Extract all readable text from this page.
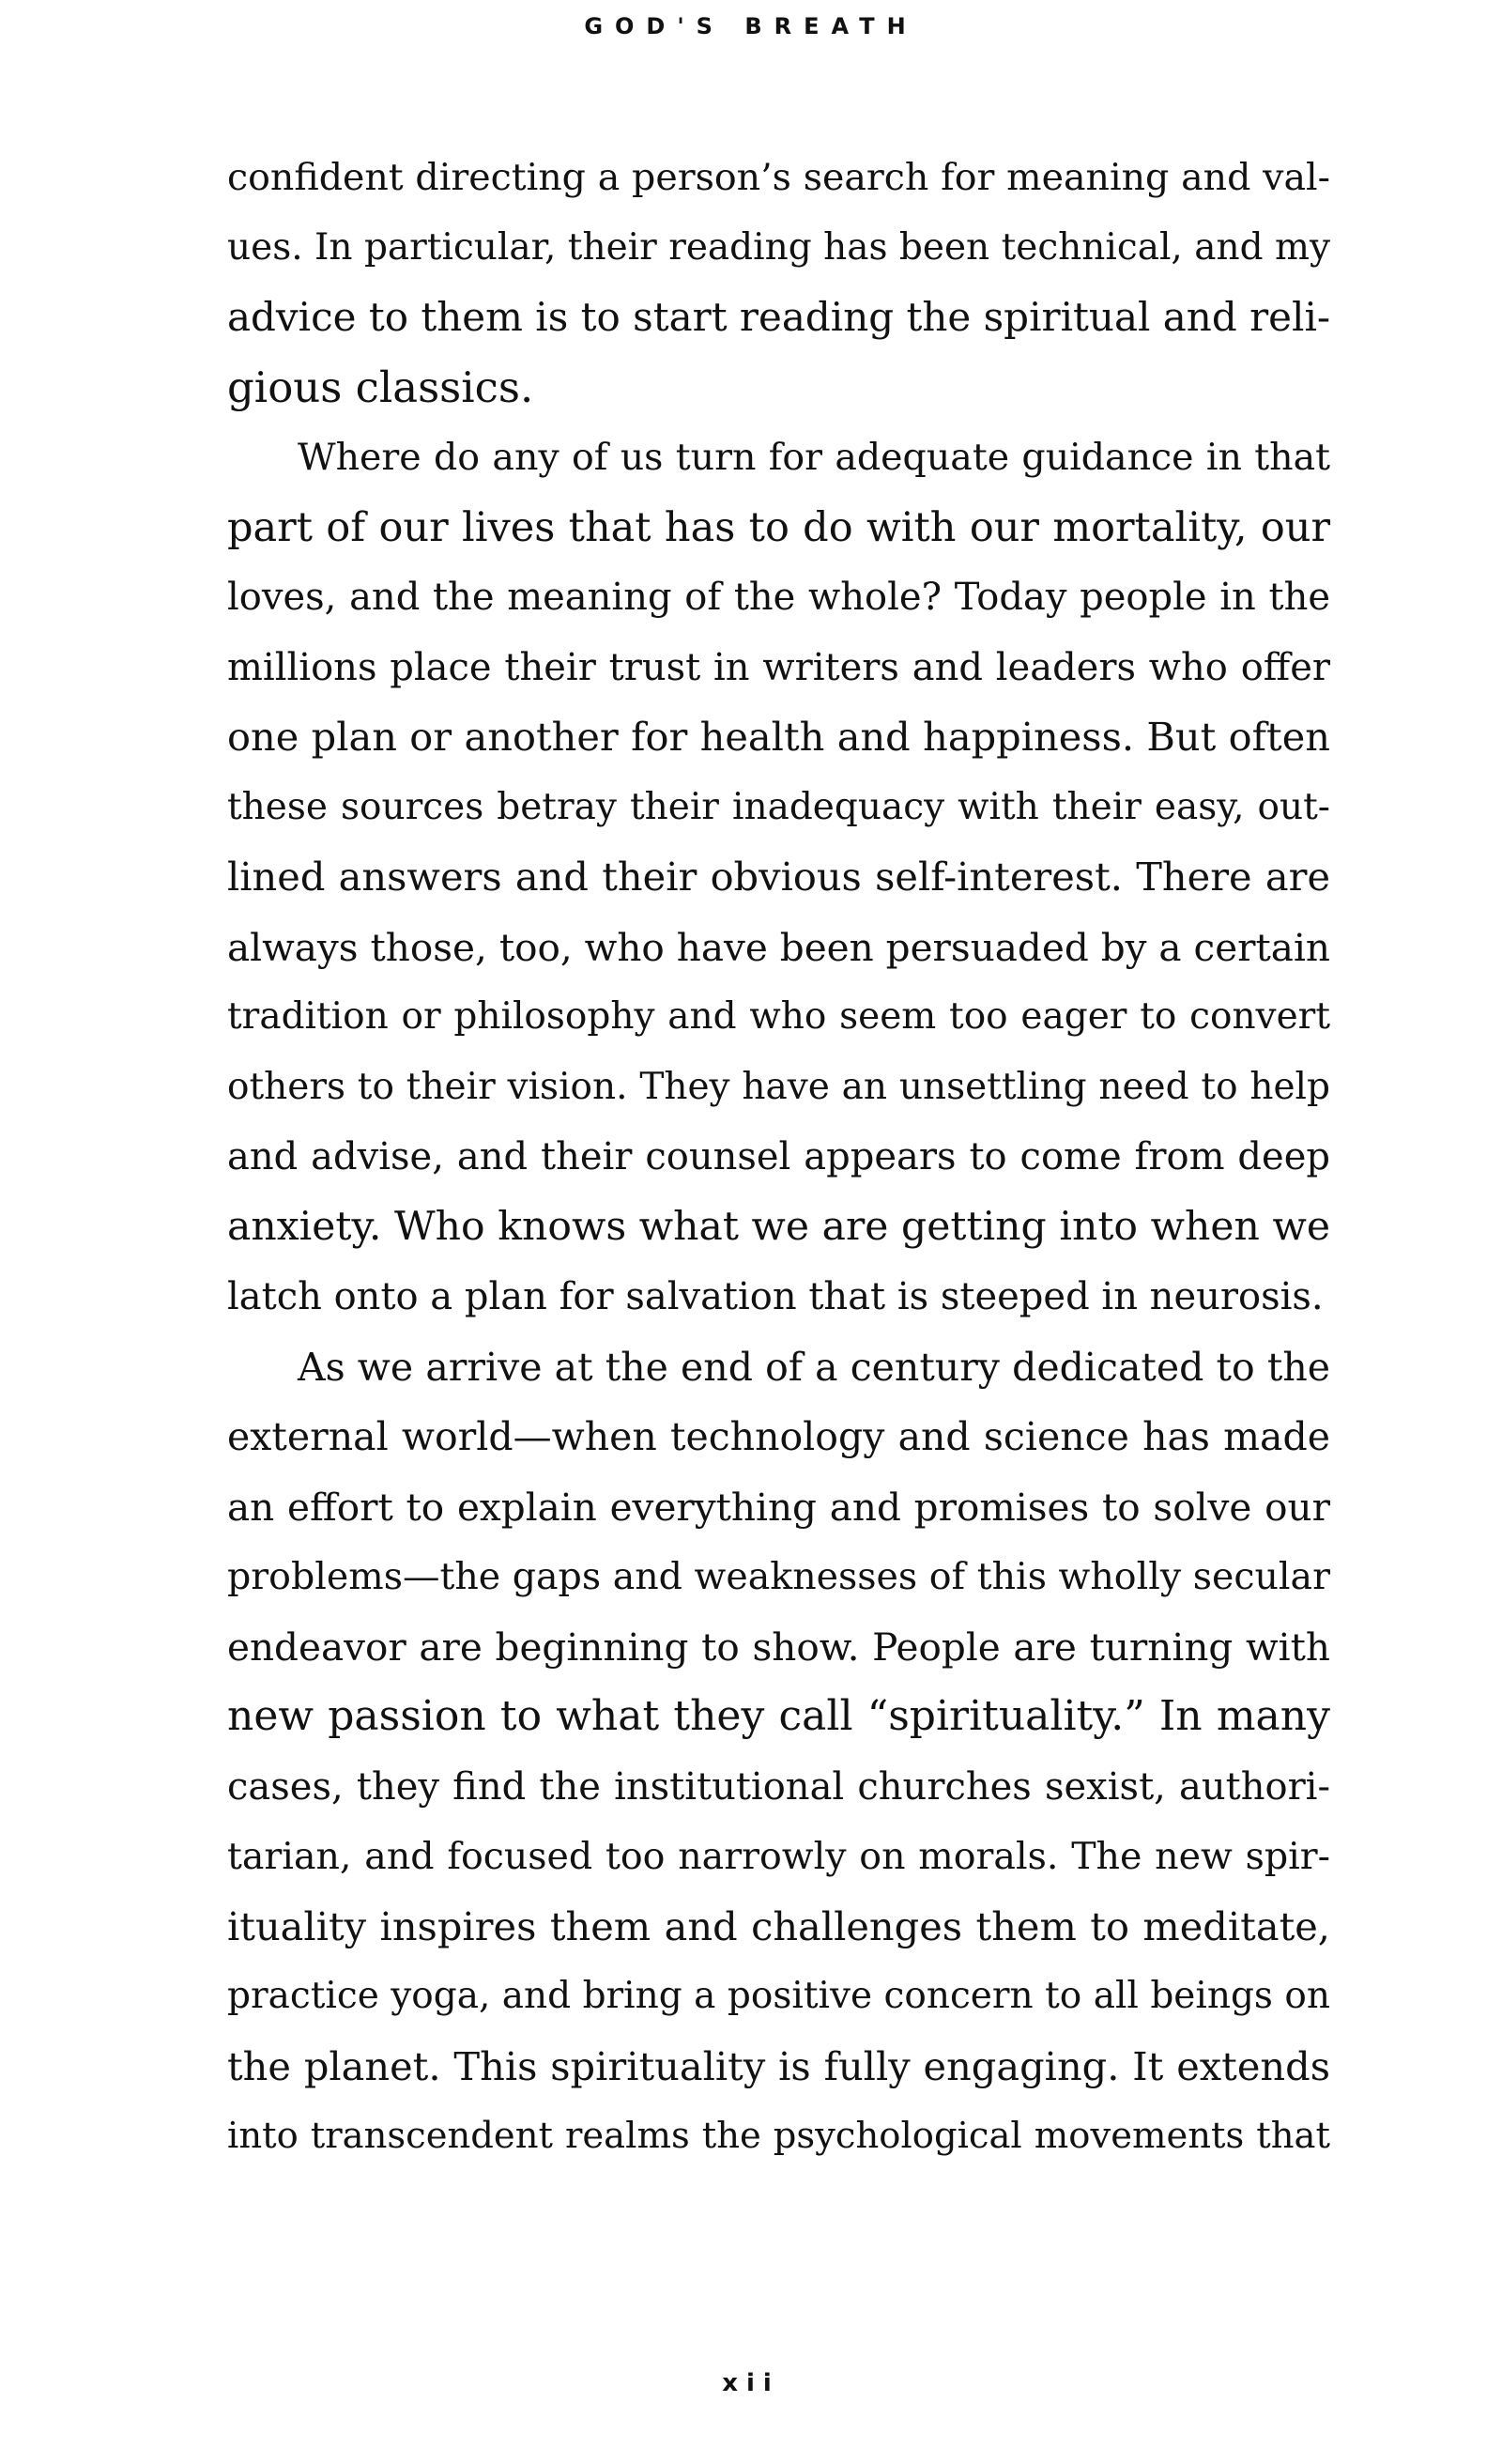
GOD'S BREATH
confident directing a person’s search for meaning and val-
ues. In particular, their reading has been technical, and my
advice to them is to start reading the spiritual and reli-
gious classics.
Where do any of us turn for adequate guidance in that
part of our lives that has to do with our mortality, our
loves, and the meaning of the whole? Today people in the
millions place their trust in writers and leaders who offer
one plan or another for health and happiness. But often
these sources betray their inadequacy with their easy, out-
lined answers and their obvious self-interest. There are
always those, too, who have been persuaded by a certain
tradition or philosophy and who seem too eager to convert
others to their vision. They have an unsettling need to help
and advise, and their counsel appears to come from deep
anxiety. Who knows what we are getting into when we
latch onto a plan for salvation that is steeped in neurosis.
As we arrive at the end of a century dedicated to the
external world—when technology and science has made
an effort to explain everything and promises to solve our
problems—the gaps and weaknesses of this wholly secular
endeavor are beginning to show. People are turning with
new passion to what they call “spirituality.” In many
cases, they find the institutional churches sexist, authori-
tarian, and focused too narrowly on morals. The new spir-
ituality inspires them and challenges them to meditate,
practice yoga, and bring a positive concern to all beings on
the planet. This spirituality is fully engaging. It extends
into transcendent realms the psychological movements that
xii
